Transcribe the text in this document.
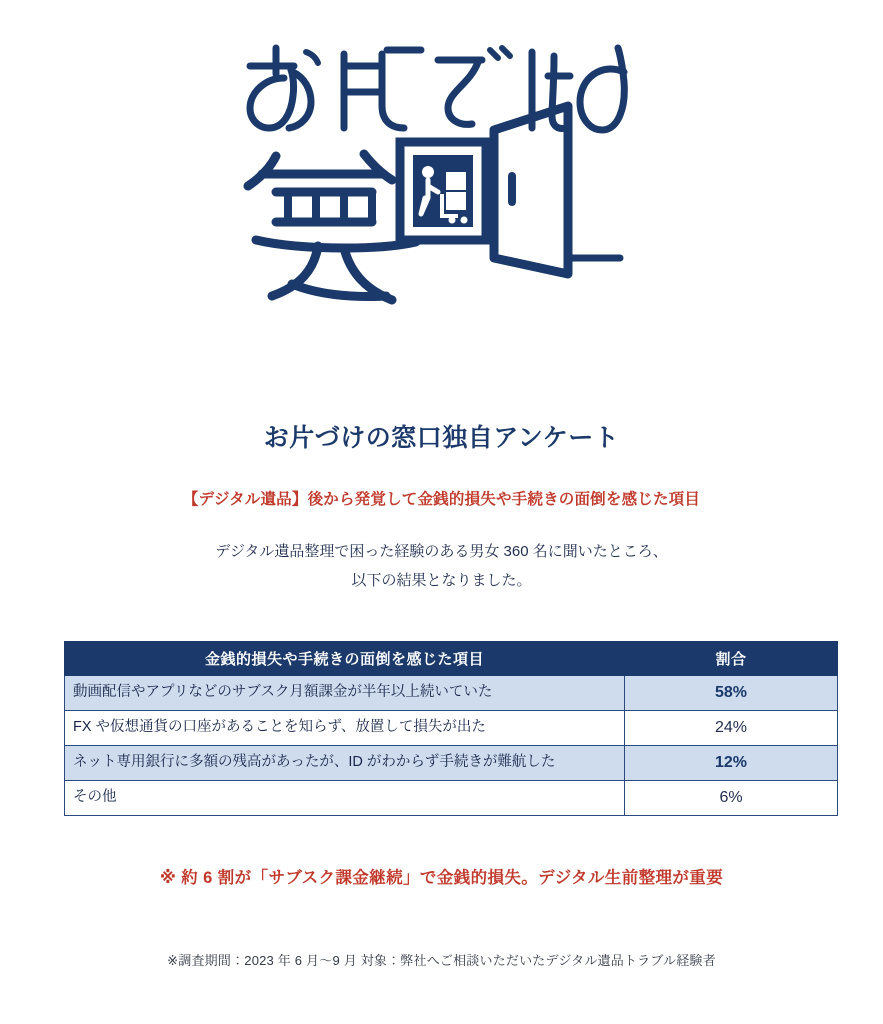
お片づけの窓口独自アンケート

【デジタル遺品】後から発覚して金銭的損失や手続きの面倒を感じた項目

デジタル遺品整理で困った経験のある男女 360 名に聞いたところ、
以下の結果となりました。

金銭的損失や手続きの面倒を感じた項目	割合
動画配信やアプリなどのサブスク月額課金が半年以上続いていた	58%
FX や仮想通貨の口座があることを知らず、放置して損失が出た	24%
ネット専用銀行に多額の残高があったが、ID がわからず手続きが難航した	12%
その他	6%

※ 約 6 割が「サブスク課金継続」で金銭的損失。デジタル生前整理が重要

※調査期間：2023 年 6 月〜9 月 対象：弊社へご相談いただいたデジタル遺品トラブル経験者
